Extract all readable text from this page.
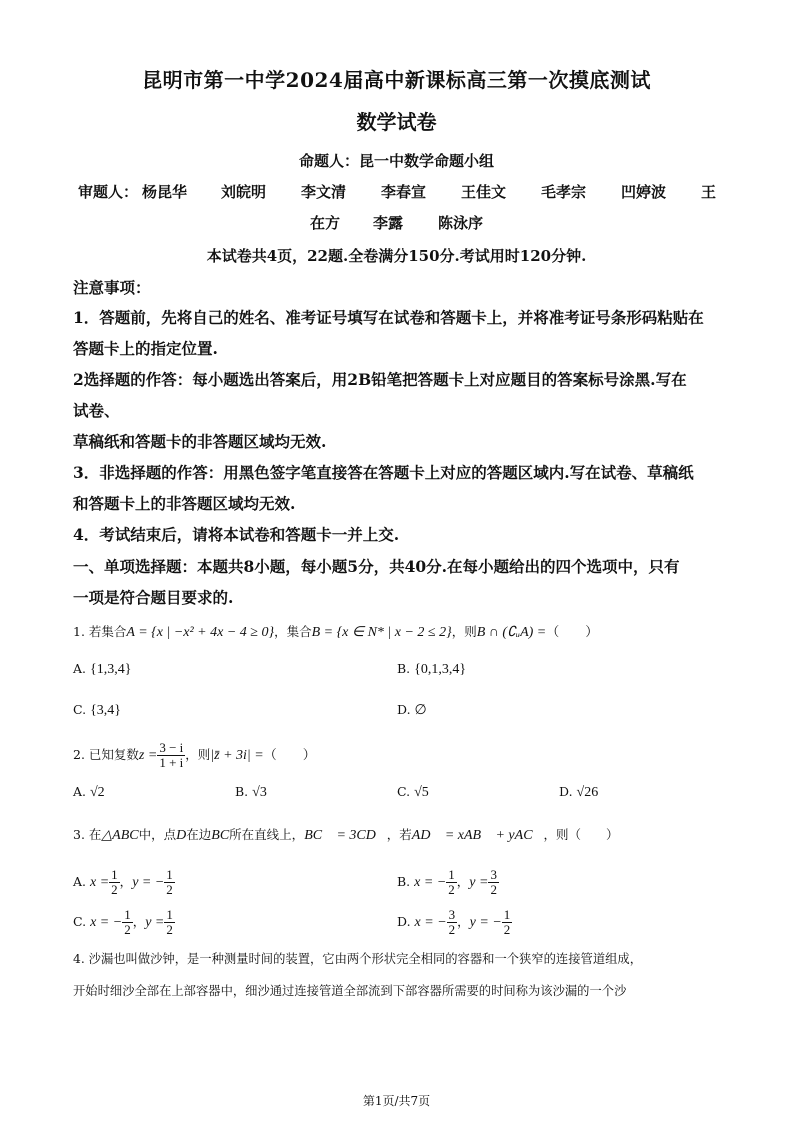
昆明市第一中学2024届高中新课标高三第一次摸底测试
数学试卷
命题人：昆一中数学命题小组
审题人： 杨昆华 刘皖明 李文清 李春宣 王佳文 毛孝宗 凹婷波 王
在方 李露 陈泳序
本试卷共4页，22题.全卷满分150分.考试用时120分钟.
注意事项：
1．答题前，先将自己的姓名、准考证号填写在试卷和答题卡上，并将准考证号条形码粘贴在
答题卡上的指定位置.
2选择题的作答：每小题选出答案后，用2B铅笔把答题卡上对应题目的答案标号涂黑.写在
试卷、
草稿纸和答题卡的非答题区域均无效.
3．非选择题的作答：用黑色签字笔直接答在答题卡上对应的答题区域内.写在试卷、草稿纸
和答题卡上的非答题区域均无效.
4．考试结束后，请将本试卷和答题卡一并上交.
一、单项选择题：本题共8小题，每小题5分，共40分.在每小题给出的四个选项中，只有
一项是符合题目要求的.
1. 若集合A = {x | −x² + 4x − 4 ≥ 0}，集合B = {x ∈ N* | x − 2 ≤ 2}，则B ∩ (∁ᵤA) =（　　）
A. {1,3,4}	B. {0,1,3,4}
C. {3,4}	D. ∅
2. 已知复数$z = \frac{3 - i}{1 + i}$ ，则|z̄ + 3i| =（　　）
A. √2	B. √3	C. √5	D. √26
3. 在△ABC中，点D在边BC所在直线上，BC⃗ = 3CD⃗，若AD⃗ = xAB⃗ + yAC⃗，则（　　）
A. $x = \frac{1}{2}$ ，y = − $\frac{1}{2}$	B. x = − $\frac{1}{2}$ ，$y = \frac{3}{2}$
C. x = − $\frac{1}{2}$ ，$y = \frac{1}{2}$	D. x = − $\frac{3}{2}$ ，y = − $\frac{1}{2}$
4. 沙漏也叫做沙钟，是一种测量时间的装置，它由两个形状完全相同的容器和一个狭窄的连接管道组成，
开始时细沙全部在上部容器中，细沙通过连接管道全部流到下部容器所需要的时间称为该沙漏的一个沙
第1页/共7页
